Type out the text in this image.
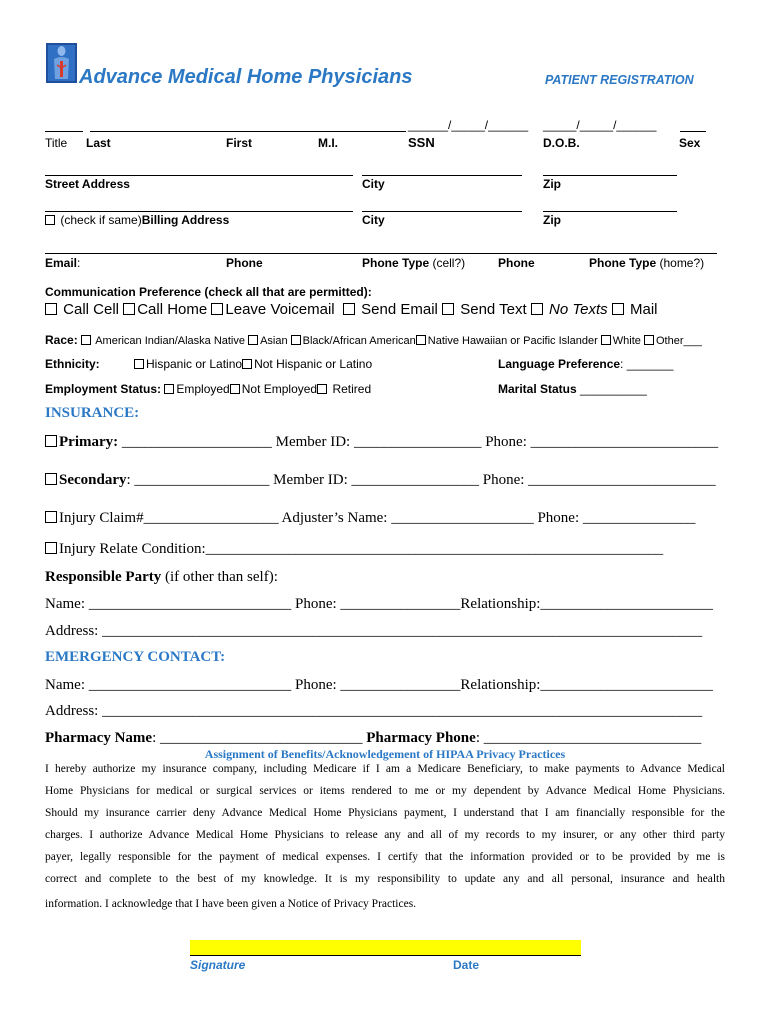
Advance Medical Home Physicians	PATIENT REGISTRATION
______/_____/______ _____/_____/______
Title Last	First	M.I.	SSN	D.O.B.	Sex
Street Address	City	Zip
(check if same)Billing Address	City	Zip
Email:	Phone	Phone Type (cell?)	Phone	Phone Type (home?)
Communication Preference (check all that are permitted):
Call Cell Call Home Leave Voicemail Send Email Send Text No Texts Mail
Race: American Indian/Alaska Native Asian Black/African American Native Hawaiian or Pacific Islander White Other___
Ethnicity:	Hispanic or Latino Not Hispanic or Latino	Language Preference: _______
Employment Status: Employed Not Employed Retired	Marital Status __________
INSURANCE:
Primary: ____________________ Member ID: _________________ Phone: _________________________
Secondary: __________________ Member ID: _________________ Phone: _________________________
Injury Claim#__________________ Adjuster’s Name: ___________________ Phone: _______________
Injury Relate Condition:_____________________________________________________________
Responsible Party (if other than self):
Name: ___________________________ Phone: ________________Relationship:_______________________
Address: ________________________________________________________________________________
EMERGENCY CONTACT:
Name: ___________________________ Phone: ________________Relationship:_______________________
Address: ________________________________________________________________________________
Pharmacy Name: ___________________________ Pharmacy Phone: _____________________________
Assignment of Benefits/Acknowledgement of HIPAA Privacy Practices
I hereby authorize my insurance company, including Medicare if I am a Medicare Beneficiary, to make payments to Advance Medical
Home Physicians for medical or surgical services or items rendered to me or my dependent by Advance Medical Home Physicians.
Should my insurance carrier deny Advance Medical Home Physicians payment, I understand that I am financially responsible for the
charges. I authorize Advance Medical Home Physicians to release any and all of my records to my insurer, or any other third party
payer, legally responsible for the payment of medical expenses. I certify that the information provided or to be provided by me is
correct and complete to the best of my knowledge. It is my responsibility to update any and all personal, insurance and health
information. I acknowledge that I have been given a Notice of Privacy Practices.
Signature	Date
